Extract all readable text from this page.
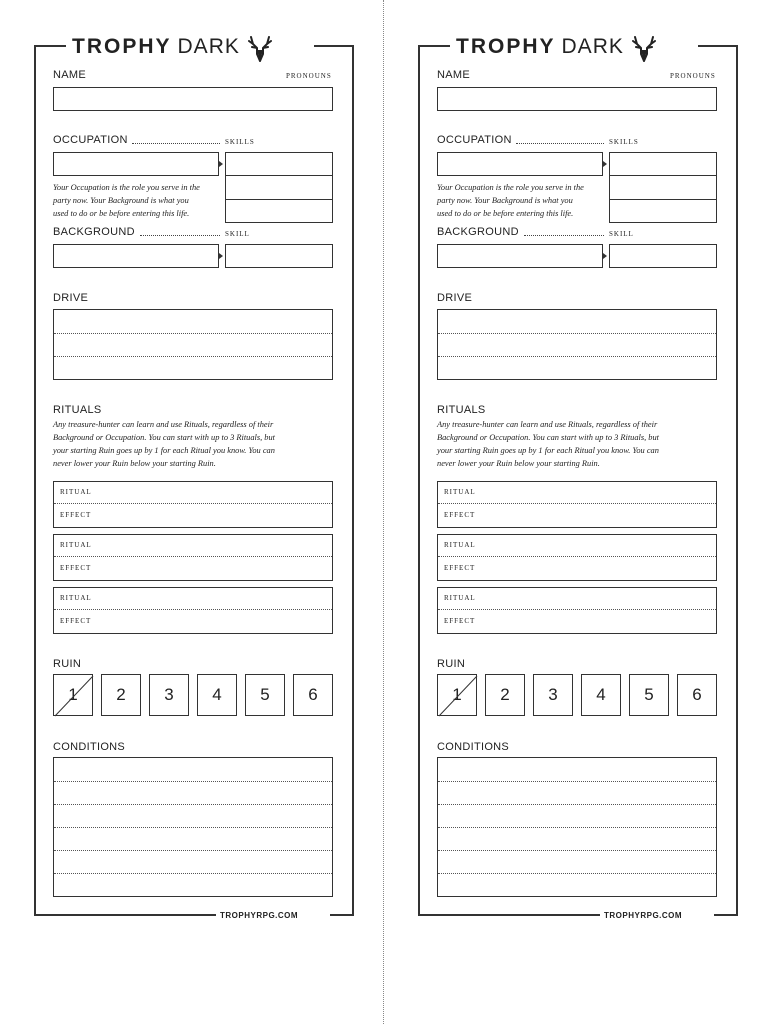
TROPHY DARK
NAME	PRONOUNS
OCCUPATION	SKILLS
Your Occupation is the role you serve in the
party now. Your Background is what you
used to do or be before entering this life.
BACKGROUND	SKILL
DRIVE
RITUALS
Any treasure-hunter can learn and use Rituals, regardless of their
Background or Occupation. You can start with up to 3 Rituals, but
your starting Ruin goes up by 1 for each Ritual you know. You can
never lower your Ruin below your starting Ruin.
RITUAL
EFFECT
RITUAL
EFFECT
RITUAL
EFFECT
RUIN
1 2 3 4 5 6
CONDITIONS
TROPHYRPG.COM
TROPHY DARK
NAME	PRONOUNS
OCCUPATION	SKILLS
Your Occupation is the role you serve in the
party now. Your Background is what you
used to do or be before entering this life.
BACKGROUND	SKILL
DRIVE
RITUALS
Any treasure-hunter can learn and use Rituals, regardless of their
Background or Occupation. You can start with up to 3 Rituals, but
your starting Ruin goes up by 1 for each Ritual you know. You can
never lower your Ruin below your starting Ruin.
RITUAL
EFFECT
RITUAL
EFFECT
RITUAL
EFFECT
RUIN
1 2 3 4 5 6
CONDITIONS
TROPHYRPG.COM
